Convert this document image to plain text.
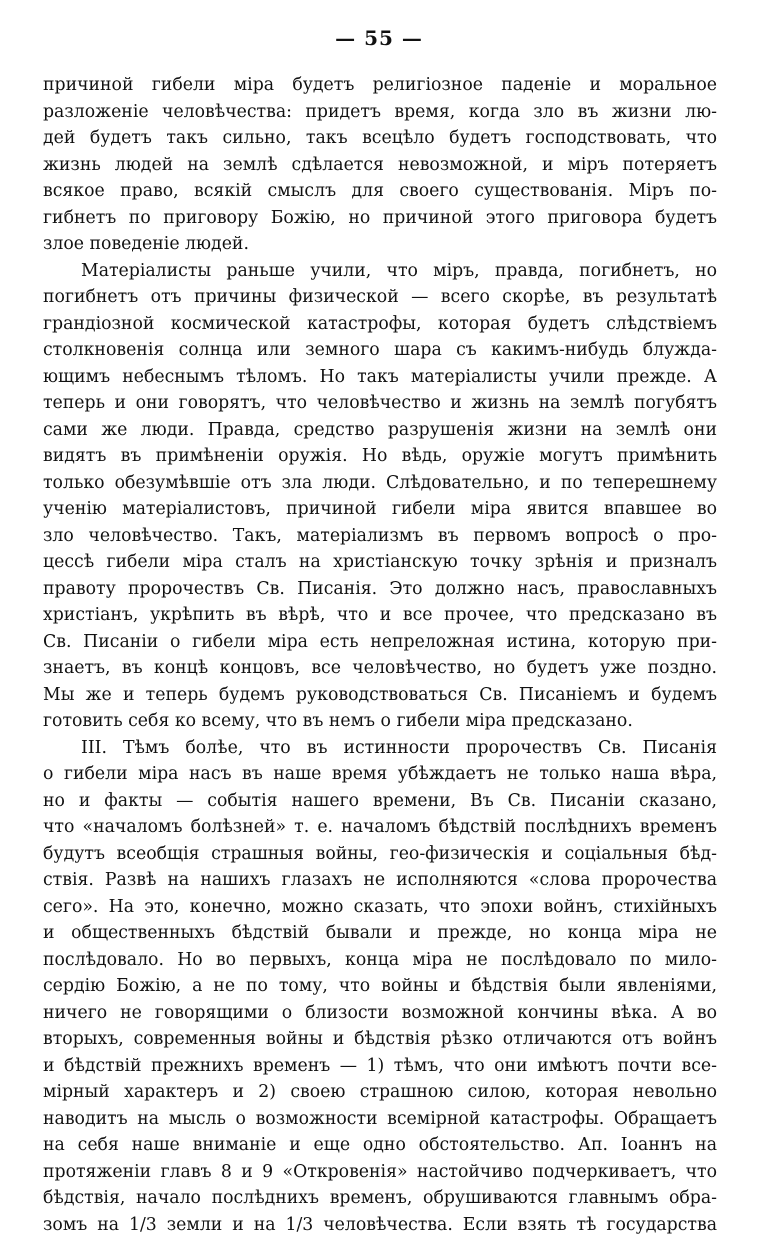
— 55 —
причиной гибели міра будетъ религіозное паденіе и моральное
разложеніе человѣчества: придетъ время, когда зло въ жизни лю-
дей будетъ такъ сильно, такъ всецѣло будетъ господствовать, что
жизнь людей на землѣ сдѣлается невозможной, и міръ потеряетъ
всякое право, всякій смыслъ для своего существованія. Міръ по-
гибнетъ по приговору Божію, но причиной этого приговора будетъ
злое поведеніе людей.
Матеріалисты раньше учили, что міръ, правда, погибнетъ, но
погибнетъ отъ причины физической — всего скорѣе, въ результатѣ
грандіозной космической катастрофы, которая будетъ слѣдствіемъ
столкновенія солнца или земного шара съ какимъ-нибудь блужда-
ющимъ небеснымъ тѣломъ. Но такъ матеріалисты учили прежде. А
теперь и они говорятъ, что человѣчество и жизнь на землѣ погубятъ
сами же люди. Правда, средство разрушенія жизни на землѣ они
видятъ въ примѣненіи оружія. Но вѣдь, оружіе могутъ примѣнить
только обезумѣвшіе отъ зла люди. Слѣдовательно, и по теперешнему
ученію матеріалистовъ, причиной гибели міра явится впавшее во
зло человѣчество. Такъ, матеріализмъ въ первомъ вопросѣ о про-
цессѣ гибели міра сталъ на христіанскую точку зрѣнія и призналъ
правоту пророчествъ Св. Писанія. Это должно насъ, православныхъ
христіанъ, укрѣпить въ вѣрѣ, что и все прочее, что предсказано въ
Св. Писаніи о гибели міра есть непреложная истина, которую при-
знаетъ, въ концѣ концовъ, все человѣчество, но будетъ уже поздно.
Мы же и теперь будемъ руководствоваться Св. Писаніемъ и будемъ
готовить себя ко всему, что въ немъ о гибели міра предсказано.
III. Тѣмъ болѣе, что въ истинности пророчествъ Св. Писанія
о гибели міра насъ въ наше время убѣждаетъ не только наша вѣра,
но и факты — событія нашего времени, Въ Св. Писаніи сказано,
что «началомъ болѣзней» т. е. началомъ бѣдствій послѣднихъ временъ
будутъ всеобщія страшныя войны, гео-физическія и соціальныя бѣд-
ствія. Развѣ на нашихъ глазахъ не исполняются «слова пророчества
сего». На это, конечно, можно сказать, что эпохи войнъ, стихійныхъ
и общественныхъ бѣдствій бывали и прежде, но конца міра не
послѣдовало. Но во первыхъ, конца міра не послѣдовало по мило-
сердію Божію, а не по тому, что войны и бѣдствія были явленіями,
ничего не говорящими о близости возможной кончины вѣка. А во
вторыхъ, современныя войны и бѣдствія рѣзко отличаются отъ войнъ
и бѣдствій прежнихъ временъ — 1) тѣмъ, что они имѣютъ почти все-
мірный характеръ и 2) своею страшною силою, которая невольно
наводитъ на мысль о возможности всемірной катастрофы. Обращаетъ
на себя наше вниманіе и еще одно обстоятельство. Ап. Іоаннъ на
протяженіи главъ 8 и 9 «Откровенія» настойчиво подчеркиваетъ, что
бѣдствія, начало послѣднихъ временъ, обрушиваются главнымъ обра-
зомъ на 1/3 земли и на 1/3 человѣчества. Если взять тѣ государства
